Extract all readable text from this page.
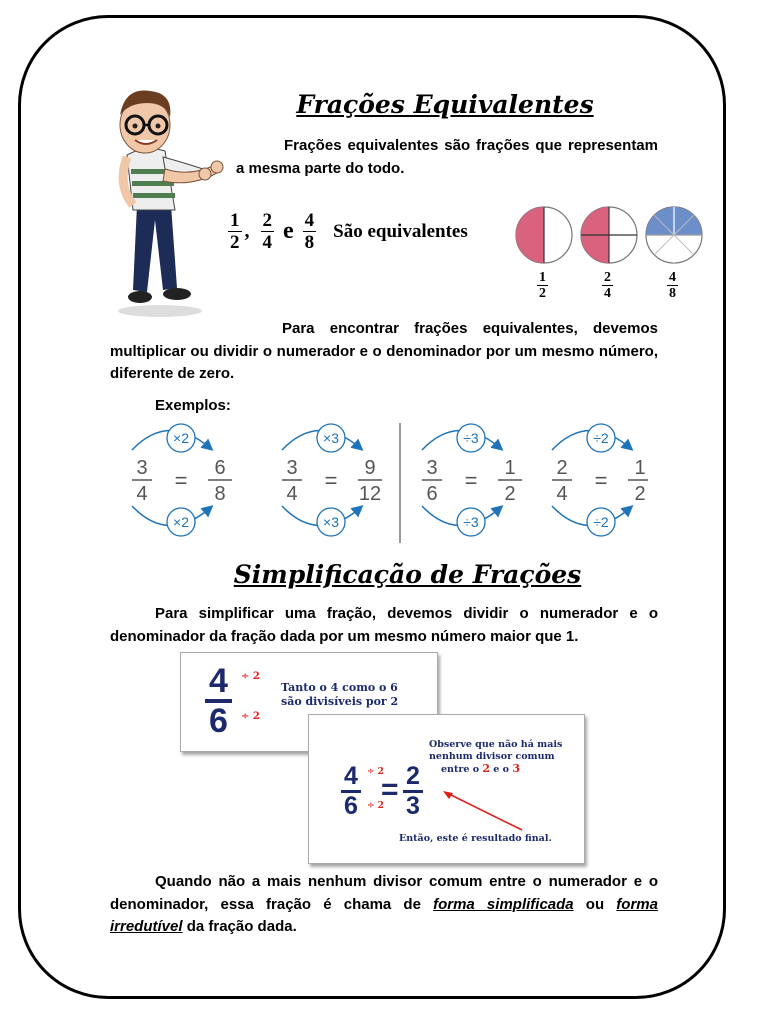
Frações Equivalentes
Frações equivalentes são frações que representam a mesma parte do todo.
1
2
, 2
4 e 4
8
São equivalentes
1
2
2
4
4
8
Para encontrar frações equivalentes, devemos multiplicar ou dividir o numerador e o denominador por um mesmo número, diferente de zero.
Exemplos:
×2
×2
3
4
= 6
8
×3
×3
3
4
= 9
12
÷3
÷3
3
6
= 1
2
÷2
÷2
2
4
= 1
2
Simplificação de Frações
Para simplificar uma fração, devemos dividir o numerador e o denominador da fração dada por um mesmo número maior que 1.
4
6
÷ 2
÷ 2
Tanto o 4 como o 6
são divisíveis por 2
4
6
÷ 2
÷ 2
= 2
3
Observe que não há mais
nenhum divisor comum
entre o 2 e o 3
Então, este é resultado final.
Quando não a mais nenhum divisor comum entre o numerador e o denominador, essa fração é chama de forma simplificada ou forma irredutível da fração dada.
